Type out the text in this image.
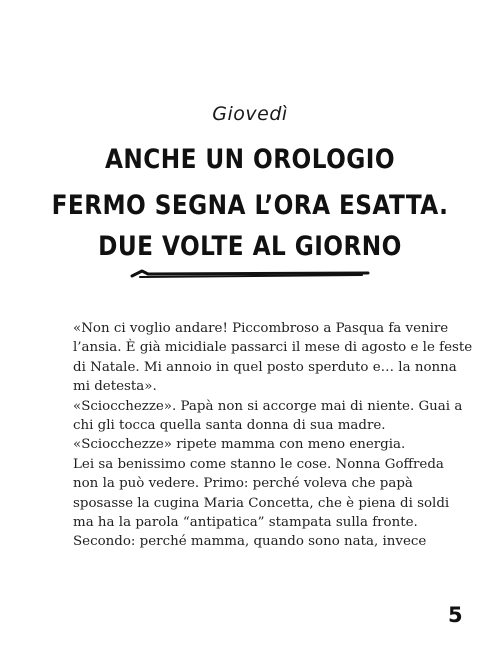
Giovedì
ANCHE UN OROLOGIO
FERMO SEGNA L’ORA ESATTA.
DUE VOLTE AL GIORNO
«Non ci voglio andare! Piccombroso a Pasqua fa venire
l’ansia. È già micidiale passarci il mese di agosto e le feste
di Natale. Mi annoio in quel posto sperduto e… la nonna
mi detesta».
«Sciocchezze». Papà non si accorge mai di niente. Guai a
chi gli tocca quella santa donna di sua madre.
«Sciocchezze» ripete mamma con meno energia.
Lei sa benissimo come stanno le cose. Nonna Goffreda
non la può vedere. Primo: perché voleva che papà
sposasse la cugina Maria Concetta, che è piena di soldi
ma ha la parola “antipatica” stampata sulla fronte.
Secondo: perché mamma, quando sono nata, invece
5
